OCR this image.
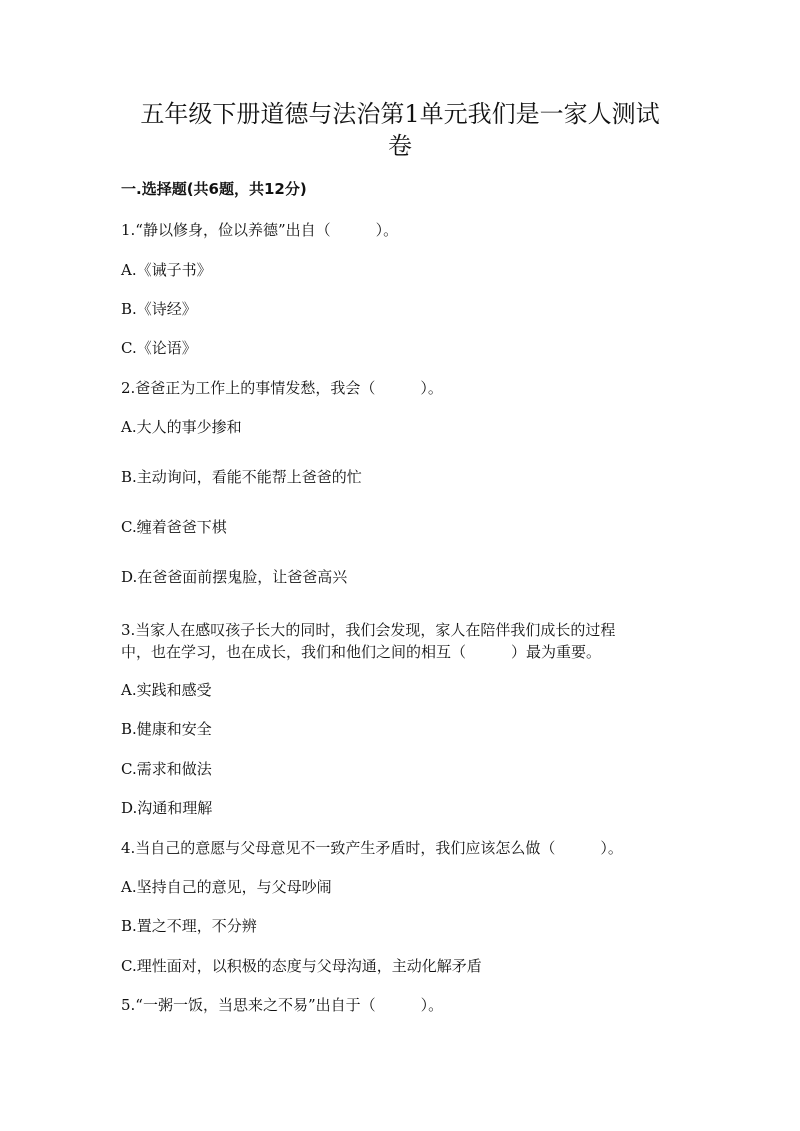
五年级下册道德与法治第1单元我们是一家人测试
卷
一.选择题(共6题，共12分)
1.“静以修身，俭以养德”出自（　　　）。
A.《诫子书》
B.《诗经》
C.《论语》
2.爸爸正为工作上的事情发愁，我会（　　　）。
A.大人的事少掺和
B.主动询问，看能不能帮上爸爸的忙
C.缠着爸爸下棋
D.在爸爸面前摆鬼脸，让爸爸高兴
3.当家人在感叹孩子长大的同时，我们会发现，家人在陪伴我们成长的过程
中，也在学习，也在成长，我们和他们之间的相互（　　　）最为重要。
A.实践和感受
B.健康和安全
C.需求和做法
D.沟通和理解
4.当自己的意愿与父母意见不一致产生矛盾时，我们应该怎么做（　　　）。
A.坚持自己的意见，与父母吵闹
B.置之不理，不分辨
C.理性面对，以积极的态度与父母沟通，主动化解矛盾
5.“一粥一饭，当思来之不易”出自于（　　　）。
